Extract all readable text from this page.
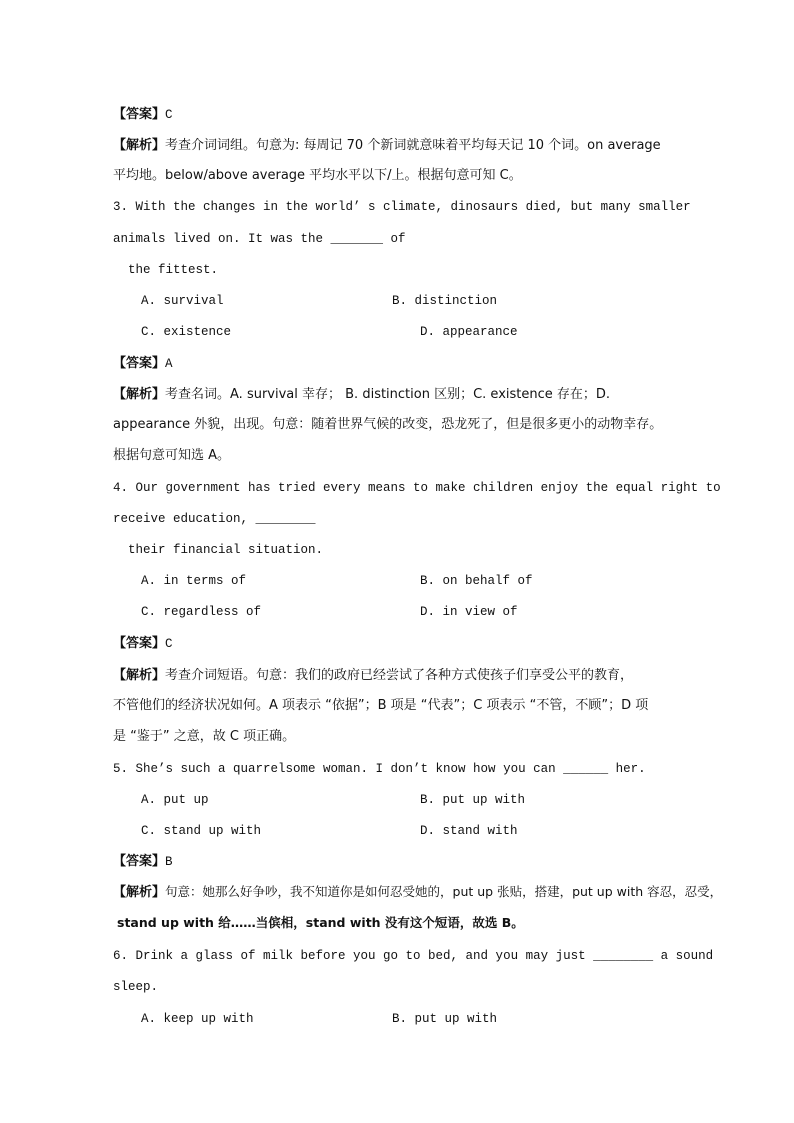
【答案】C
【解析】考查介词词组。句意为: 每周记 70 个新词就意味着平均每天记 10 个词。on average
平均地。below/above average 平均水平以下/上。根据句意可知 C。
3. With the changes in the world’ s climate, dinosaurs died, but many smaller
animals lived on. It was the _______ of
the fittest.
A. survival	B. distinction
C. existence	D. appearance
【答案】A
【解析】考查名词。A. survival 幸存； B. distinction 区别；C. existence 存在；D.
appearance 外貌，出现。句意：随着世界气候的改变，恐龙死了，但是很多更小的动物幸存。
根据句意可知选 A。
4. Our government has tried every means to make children enjoy the equal right to
receive education, ________
their financial situation.
A. in terms of	B. on behalf of
C. regardless of	D. in view of
【答案】C
【解析】考查介词短语。句意：我们的政府已经尝试了各种方式使孩子们享受公平的教育，
不管他们的经济状况如何。A 项表示 “依据”；B 项是 “代表”；C 项表示 “不管，不顾”；D 项
是 “鉴于” 之意，故 C 项正确。
5. She’s such a quarrelsome woman. I don’t know how you can ______ her.
A. put up	B. put up with
C. stand up with	D. stand with
【答案】B
【解析】句意：她那么好争吵，我不知道你是如何忍受她的，put up 张贴，搭建，put up with 容忍，忍受，
stand up with 给……当傧相，stand with 没有这个短语，故选 B。
6. Drink a glass of milk before you go to bed, and you may just ________ a sound
sleep.
A. keep up with	B. put up with
